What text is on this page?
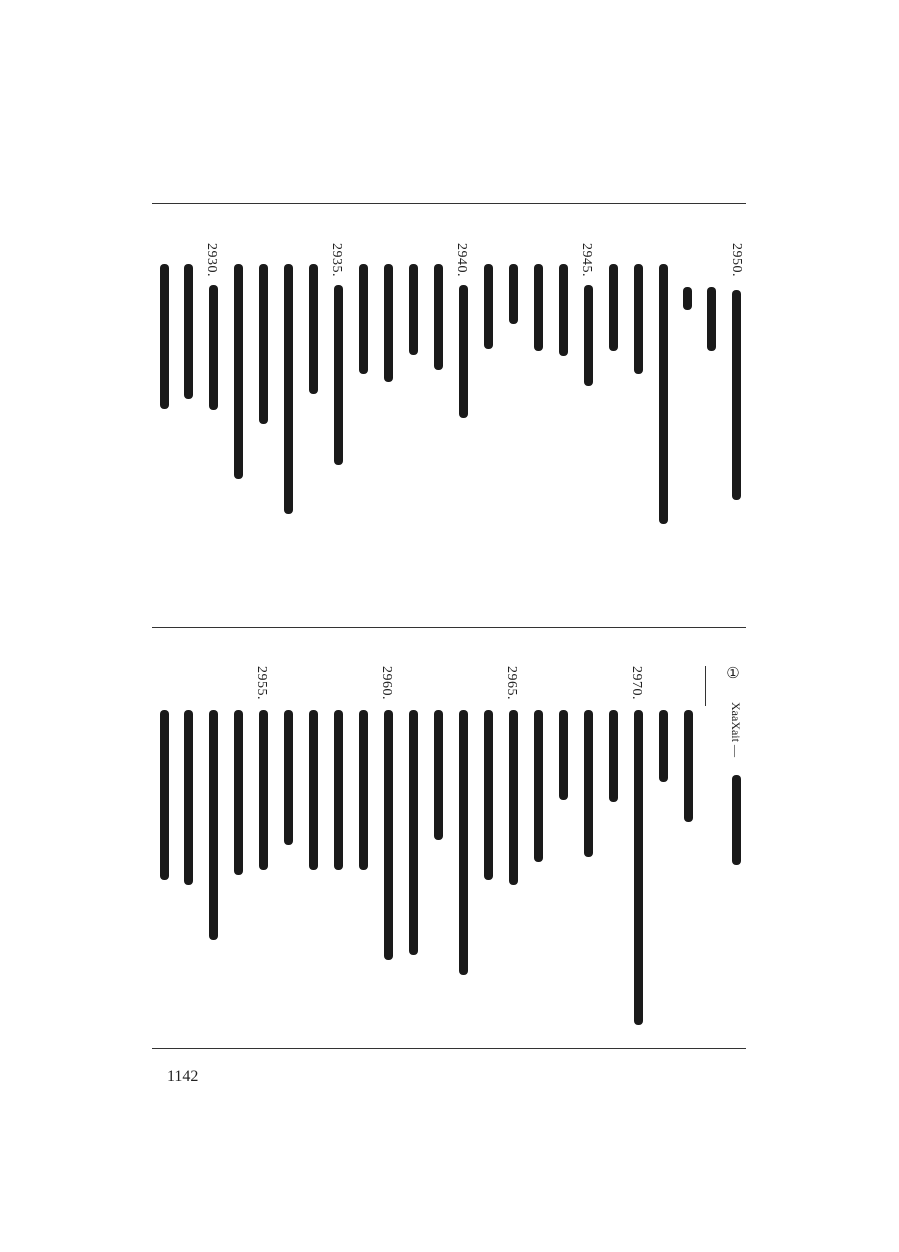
2950.
2945.
2940.
2935.
2930.
①
XaaXait —
2970.
2965.
2960.
2955.
1142
